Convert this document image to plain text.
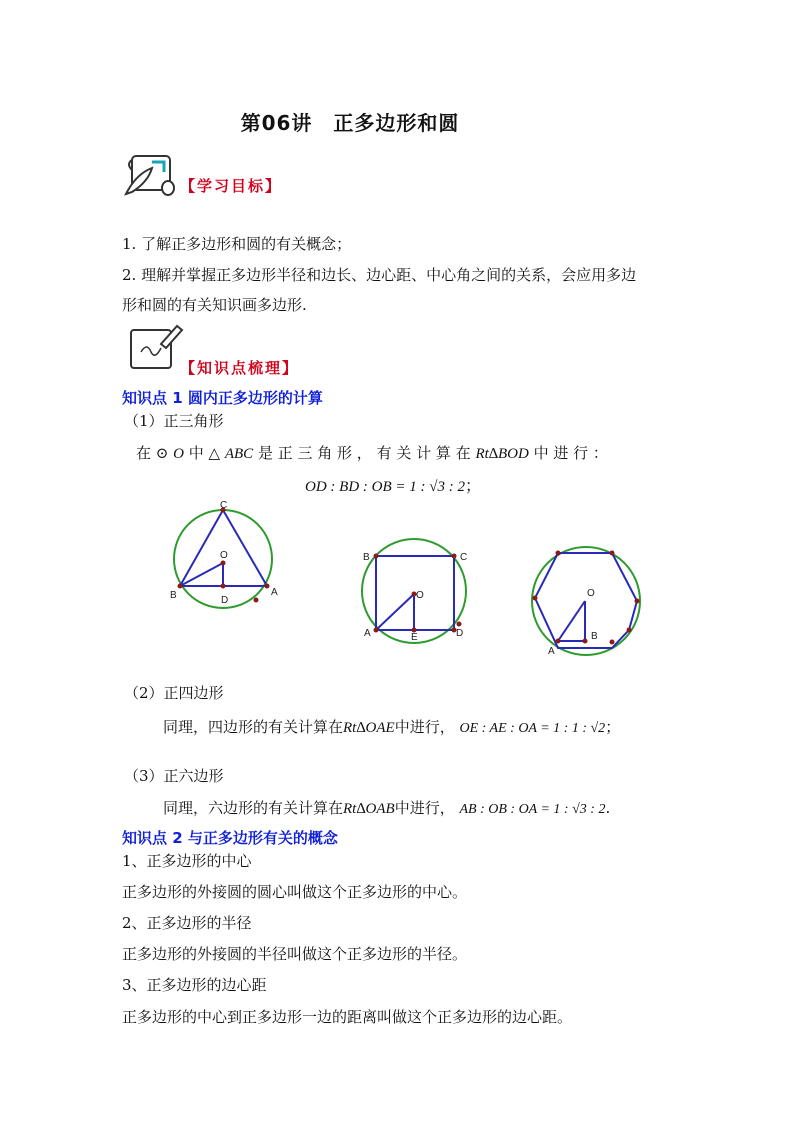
第06讲　正多边形和圆
【学习目标】
1. 了解正多边形和圆的有关概念；
2. 理解并掌握正多边形半径和边长、边心距、中心角之间的关系，会应用多边
形和圆的有关知识画多边形.
【知识点梳理】
知识点 1 圆内正多边形的计算
（1）正三角形
在 ⊙ O 中 △ ABC 是 正 三 角 形 ， 有 关 计 算 在 Rt∆BOD 中 进 行 ：
OD : BD : OB = 1 : √3 : 2；
C
O
B	D
A
B	C
O
A	E	D
O
A
B
（2）正四边形
同理，四边形的有关计算在Rt∆OAE中进行， OE : AE : OA = 1 : 1 : √2；
（3）正六边形
同理，六边形的有关计算在Rt∆OAB中进行， AB : OB : OA = 1 : √3 : 2.
知识点 2 与正多边形有关的概念
1、正多边形的中心
正多边形的外接圆的圆心叫做这个正多边形的中心。
2、正多边形的半径
正多边形的外接圆的半径叫做这个正多边形的半径。
3、正多边形的边心距
正多边形的中心到正多边形一边的距离叫做这个正多边形的边心距。
